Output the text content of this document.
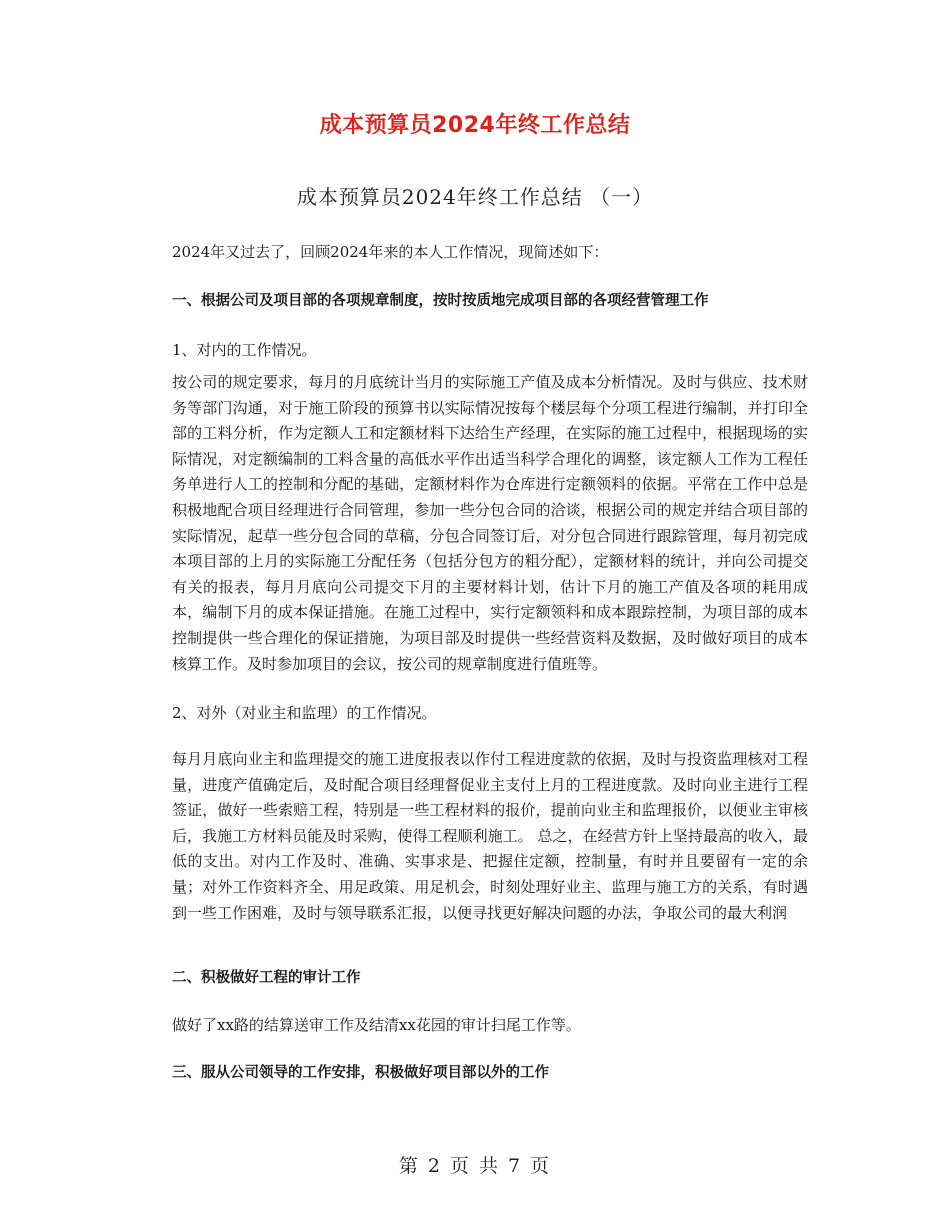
成本预算员2024年终工作总结
成本预算员2024年终工作总结 （一）

2024年又过去了，回顾2024年来的本人工作情况，现简述如下：

一、根据公司及项目部的各项规章制度，按时按质地完成项目部的各项经营管理工作

1、对内的工作情况。

按公司的规定要求，每月的月底统计当月的实际施工产值及成本分析情况。及时与供应、技术财务等部门沟通，对于施工阶段的预算书以实际情况按每个楼层每个分项工程进行编制，并打印全部的工料分析，作为定额人工和定额材料下达给生产经理，在实际的施工过程中，根据现场的实际情况，对定额编制的工料含量的高低水平作出适当科学合理化的调整，该定额人工作为工程任务单进行人工的控制和分配的基础，定额材料作为仓库进行定额领料的依据。平常在工作中总是积极地配合项目经理进行合同管理，参加一些分包合同的洽谈，根据公司的规定并结合项目部的实际情况，起草一些分包合同的草稿，分包合同签订后，对分包合同进行跟踪管理，每月初完成本项目部的上月的实际施工分配任务（包括分包方的粗分配），定额材料的统计，并向公司提交有关的报表，每月月底向公司提交下月的主要材料计划，估计下月的施工产值及各项的耗用成本，编制下月的成本保证措施。在施工过程中，实行定额领料和成本跟踪控制，为项目部的成本控制提供一些合理化的保证措施，为项目部及时提供一些经营资料及数据，及时做好项目的成本核算工作。及时参加项目的会议，按公司的规章制度进行值班等。

2、对外（对业主和监理）的工作情况。

每月月底向业主和监理提交的施工进度报表以作付工程进度款的依据，及时与投资监理核对工程量，进度产值确定后，及时配合项目经理督促业主支付上月的工程进度款。及时向业主进行工程签证，做好一些索赔工程，特别是一些工程材料的报价，提前向业主和监理报价，以便业主审核后，我施工方材料员能及时采购，使得工程顺利施工。 总之，在经营方针上坚持最高的收入，最低的支出。对内工作及时、准确、实事求是、把握住定额，控制量，有时并且要留有一定的余量；对外工作资料齐全、用足政策、用足机会，时刻处理好业主、监理与施工方的关系，有时遇到一些工作困难，及时与领导联系汇报，以便寻找更好解决问题的办法，争取公司的最大利润

二、积极做好工程的审计工作

做好了xx路的结算送审工作及结清xx花园的审计扫尾工作等。

三、服从公司领导的工作安排，积极做好项目部以外的工作

第 2 页 共 7 页
